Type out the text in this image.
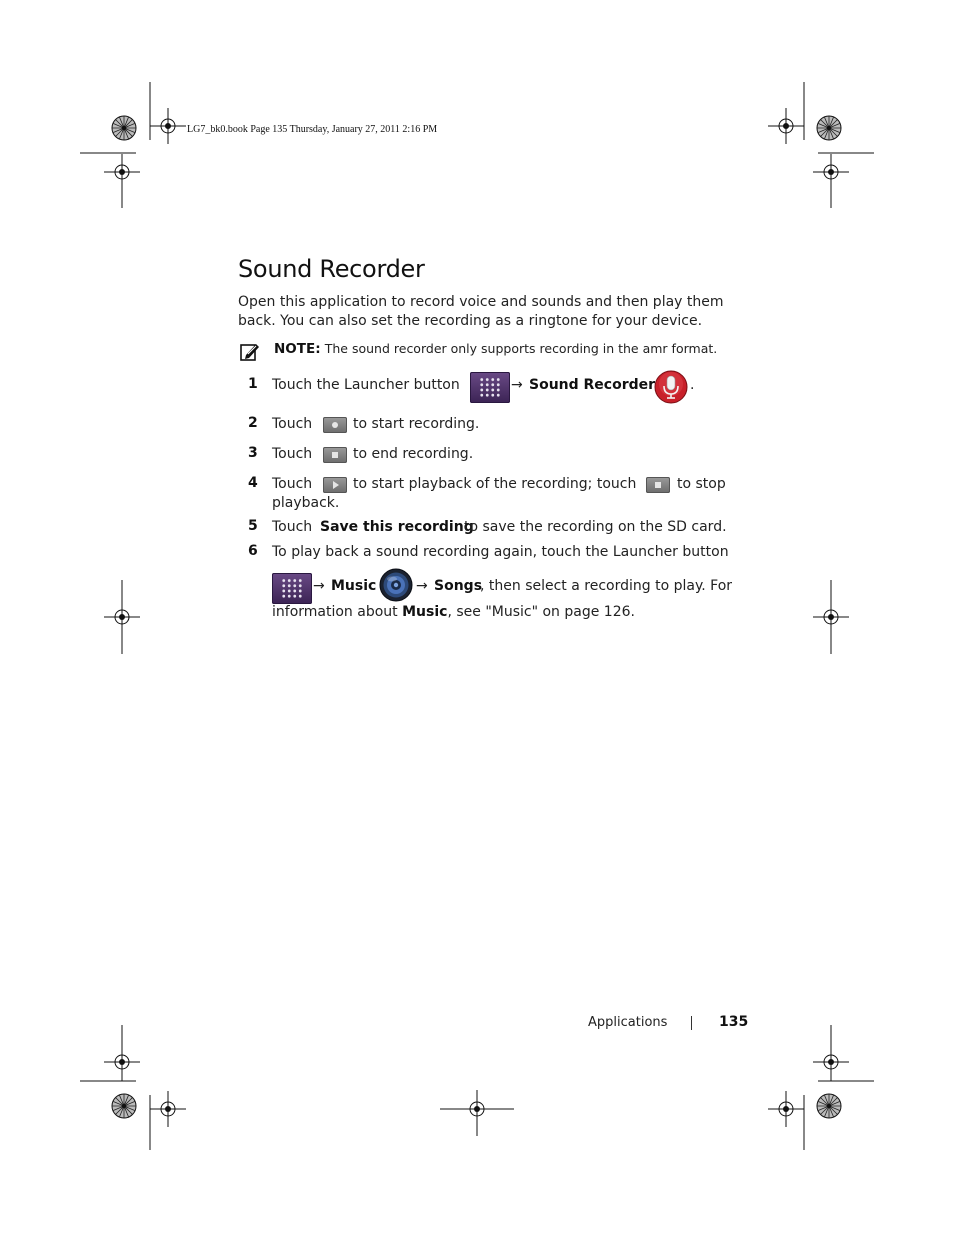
LG7_bk0.book Page 135 Thursday, January 27, 2011 2:16 PM
Sound Recorder

Open this application to record voice and sounds and then play them back. You can also set the recording as a ringtone for your device.

NOTE: The sound recorder only supports recording in the amr format.
1 Touch the Launcher button	→ Sound Recorder .
2 Touch	to start recording.
3 Touch	to end recording.
4 Touch	to start playback of the recording; touch	to stop
playback.
5 Touch Save this recording
to save the recording on the SD card.
6 To play back a sound recording again, touch the Launcher button
→ Music	→ Songs
, then select a recording to play. For
information about Music, see "Music" on page 126.
Applications	135
